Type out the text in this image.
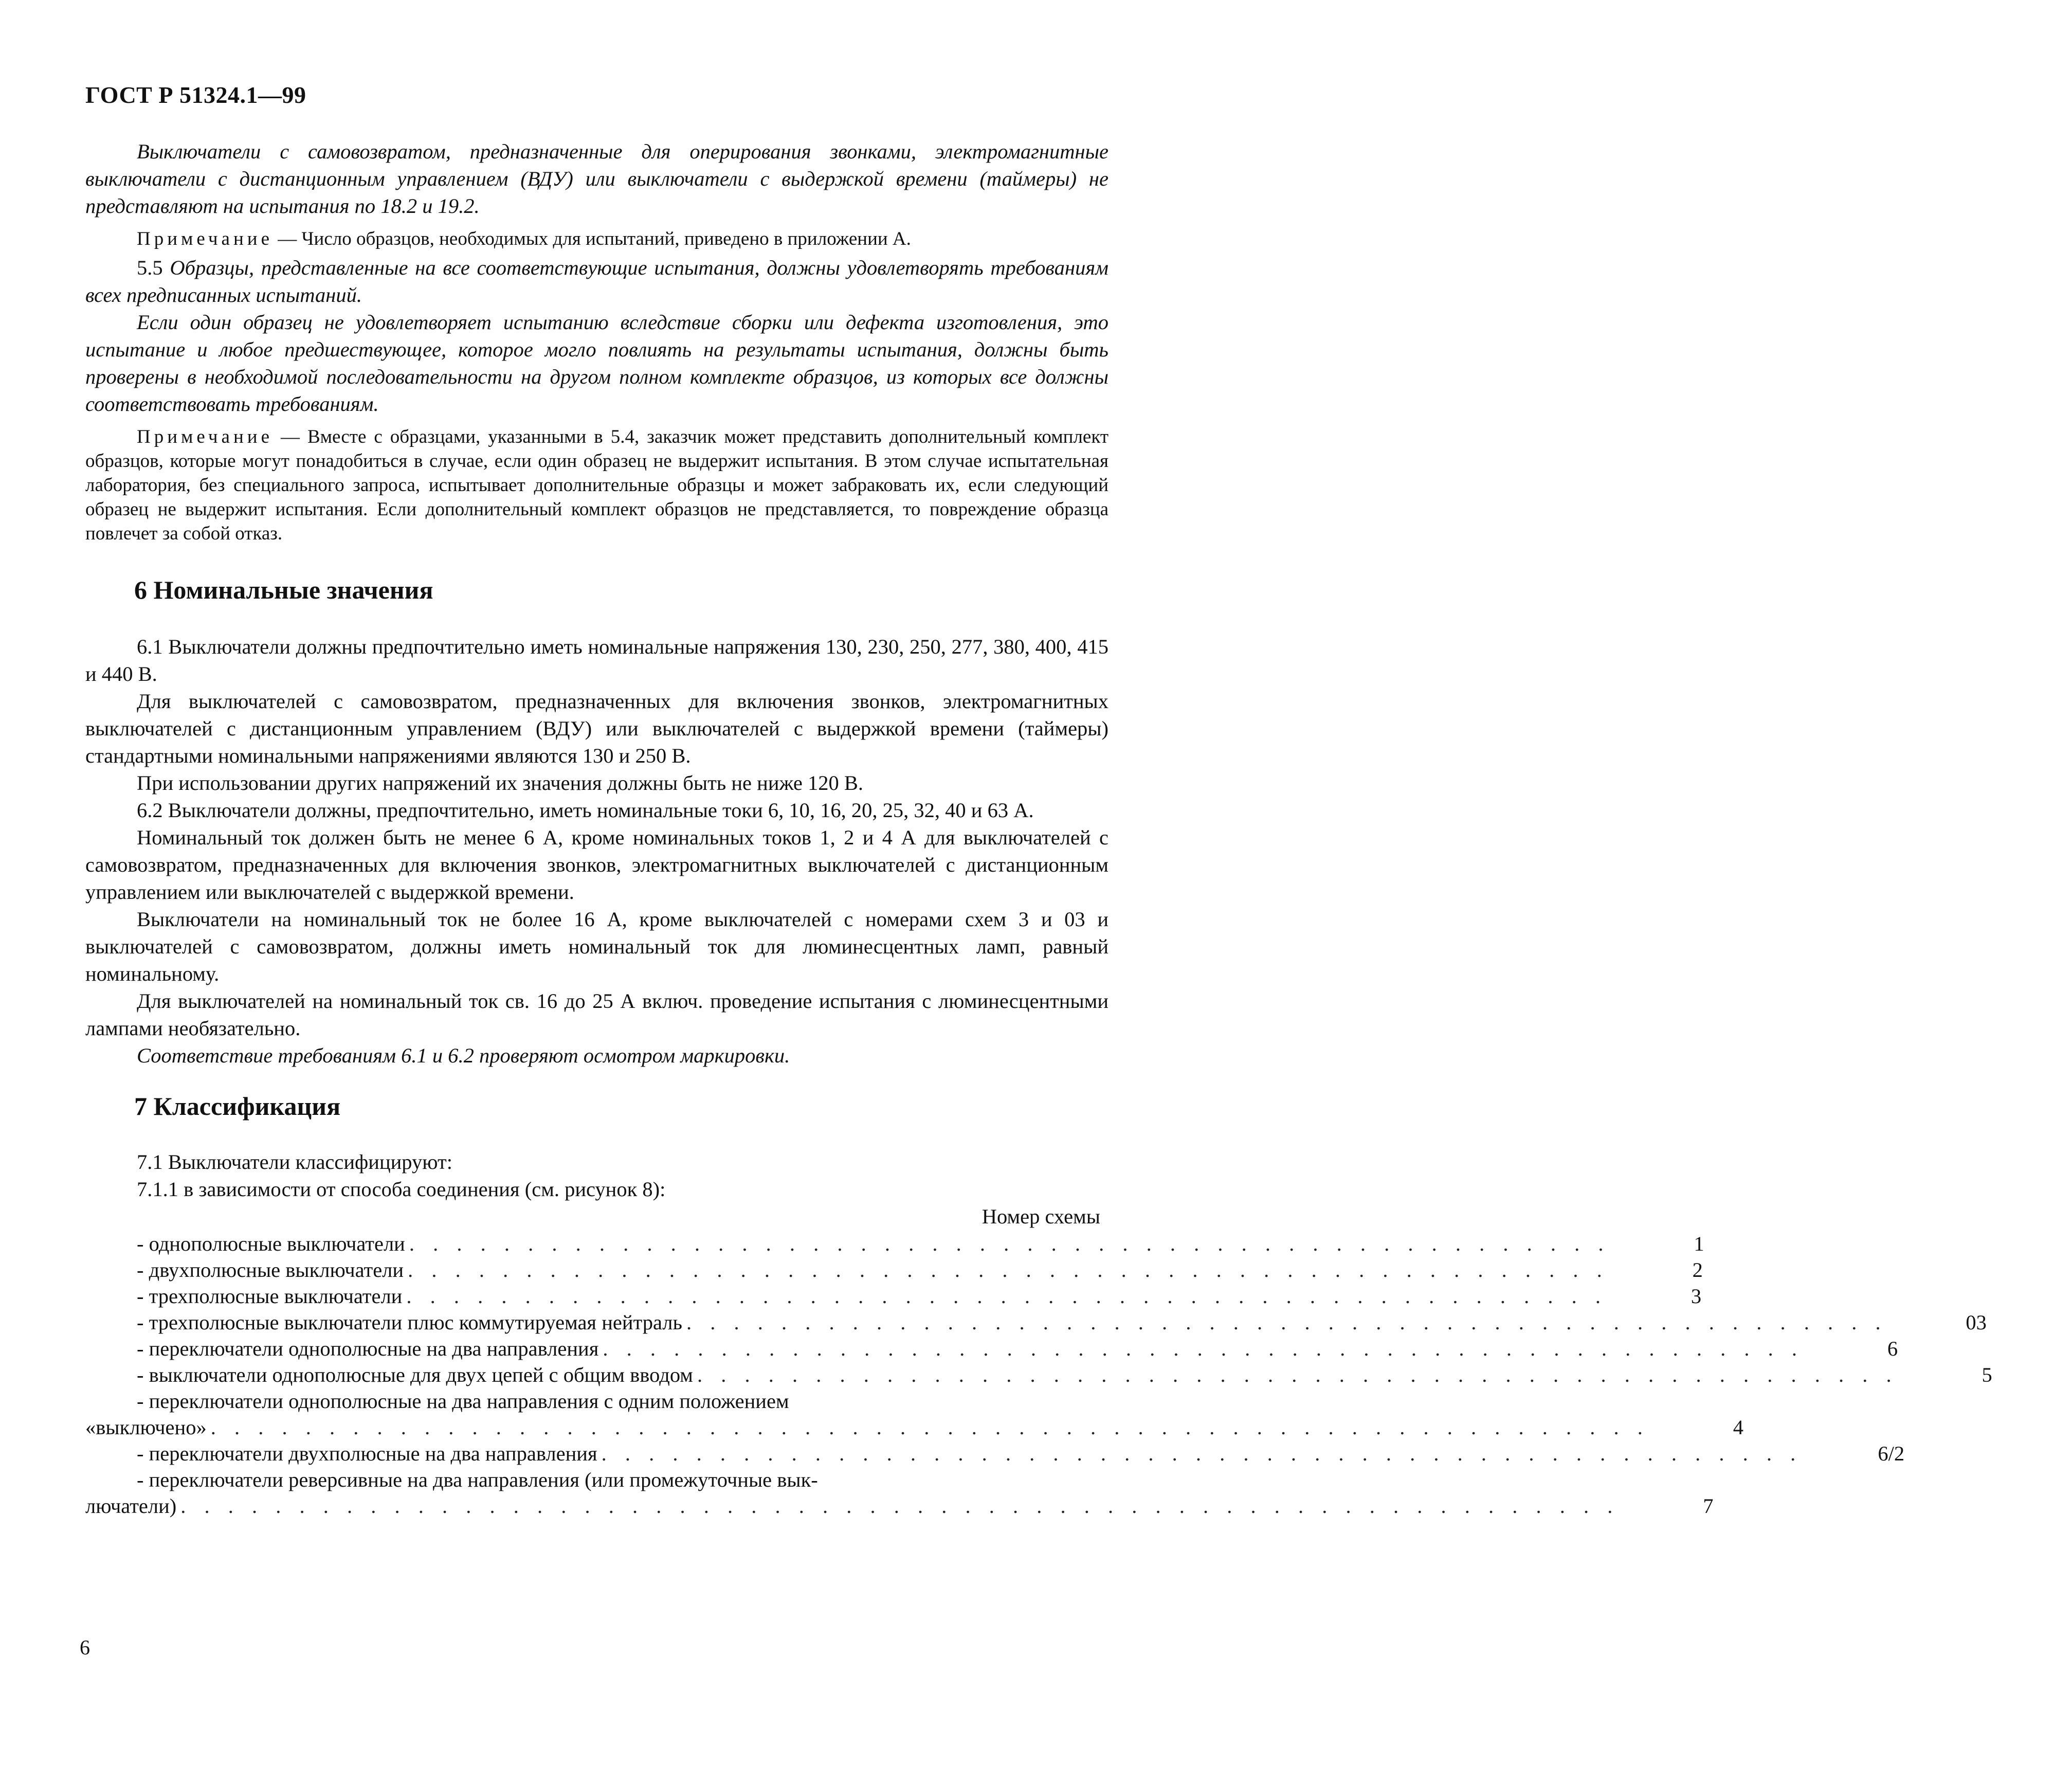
ГОСТ Р 51324.1—99

Выключатели с самовозвратом, предназначенные для оперирования звонками, электромагнитные выключатели с дистанционным управлением (ВДУ) или выключатели с выдержкой времени (таймеры) не представляют на испытания по 18.2 и 19.2.

Примечание — Число образцов, необходимых для испытаний, приведено в приложении А.

5.5 Образцы, представленные на все соответствующие испытания, должны удовлетворять требованиям всех предписанных испытаний.

Если один образец не удовлетворяет испытанию вследствие сборки или дефекта изготовления, это испытание и любое предшествующее, которое могло повлиять на результаты испытания, должны быть проверены в необходимой последовательности на другом полном комплекте образцов, из которых все должны соответствовать требованиям.

Примечание — Вместе с образцами, указанными в 5.4, заказчик может представить дополнительный комплект образцов, которые могут понадобиться в случае, если один образец не выдержит испытания. В этом случае испытательная лаборатория, без специального запроса, испытывает дополнительные образцы и может забраковать их, если следующий образец не выдержит испытания. Если дополнительный комплект образцов не представляется, то повреждение образца повлечет за собой отказ.

6 Номинальные значения

6.1 Выключатели должны предпочтительно иметь номинальные напряжения 130, 230, 250, 277, 380, 400, 415 и 440 В.

Для выключателей с самовозвратом, предназначенных для включения звонков, электромагнитных выключателей с дистанционным управлением (ВДУ) или выключателей с выдержкой времени (таймеры) стандартными номинальными напряжениями являются 130 и 250 В.

При использовании других напряжений их значения должны быть не ниже 120 В.

6.2 Выключатели должны, предпочтительно, иметь номинальные токи 6, 10, 16, 20, 25, 32, 40 и 63 А.

Номинальный ток должен быть не менее 6 А, кроме номинальных токов 1, 2 и 4 А для выключателей с самовозвратом, предназначенных для включения звонков, электромагнитных выключателей с дистанционным управлением или выключателей с выдержкой времени.

Выключатели на номинальный ток не более 16 А, кроме выключателей с номерами схем 3 и 03 и выключателей с самовозвратом, должны иметь номинальный ток для люминесцентных ламп, равный номинальному.

Для выключателей на номинальный ток св. 16 до 25 А включ. проведение испытания с люминесцентными лампами необязательно.

Соответствие требованиям 6.1 и 6.2 проверяют осмотром маркировки.

7 Классификация

7.1 Выключатели классифицируют:

7.1.1 в зависимости от способа соединения (см. рисунок 8):

Номер схемы
- однополюсные выключатели . . . . . . . . . . . . . . . . . . . . . . . . . . . . . . . . . . . . . . . . . . . . . . . . . . .	1
- двухполюсные выключатели . . . . . . . . . . . . . . . . . . . . . . . . . . . . . . . . . . . . . . . . . . . . . . . . . . .	2
- трехполюсные выключатели . . . . . . . . . . . . . . . . . . . . . . . . . . . . . . . . . . . . . . . . . . . . . . . . . . .	3
- трехполюсные выключатели плюс коммутируемая нейтраль . . . . . . . . . . . . . . . . . . . . . . . . . . . . . . . . . . . . . . . . . . . . . . . . . . .	03
- переключатели однополюсные на два направления . . . . . . . . . . . . . . . . . . . . . . . . . . . . . . . . . . . . . . . . . . . . . . . . . . .	6
- выключатели однополюсные для двух цепей с общим вводом . . . . . . . . . . . . . . . . . . . . . . . . . . . . . . . . . . . . . . . . . . . . . . . . . . .	5
- переключатели однополюсные на два направления с одним положением
«выключено» . . . . . . . . . . . . . . . . . . . . . . . . . . . . . . . . . . . . . . . . . . . . . . . . . . . . . . . . . . . . .	4
- переключатели двухполюсные на два направления . . . . . . . . . . . . . . . . . . . . . . . . . . . . . . . . . . . . . . . . . . . . . . . . . . .	6/2
- переключатели реверсивные на два направления (или промежуточные вык-
лючатели) . . . . . . . . . . . . . . . . . . . . . . . . . . . . . . . . . . . . . . . . . . . . . . . . . . . . . . . . . . . . .	7
6
